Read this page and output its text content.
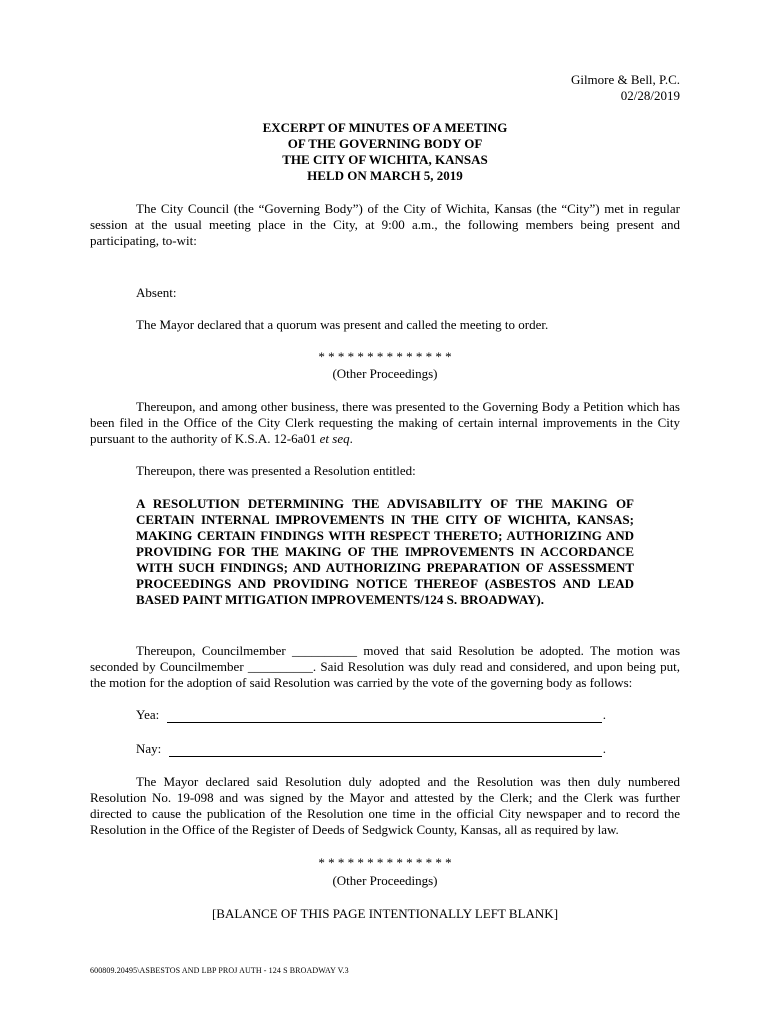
Gilmore & Bell, P.C.
02/28/2019
EXCERPT OF MINUTES OF A MEETING
OF THE GOVERNING BODY OF
THE CITY OF WICHITA, KANSAS
HELD ON MARCH 5, 2019
The City Council (the “Governing Body”) of the City of Wichita, Kansas (the “City”) met in regular session at the usual meeting place in the City, at 9:00 a.m., the following members being present and participating, to-wit:
Absent:
The Mayor declared that a quorum was present and called the meeting to order.
* * * * * * * * * * * * * *
(Other Proceedings)
Thereupon, and among other business, there was presented to the Governing Body a Petition which has been filed in the Office of the City Clerk requesting the making of certain internal improvements in the City pursuant to the authority of K.S.A. 12-6a01 et seq.
Thereupon, there was presented a Resolution entitled:
A RESOLUTION DETERMINING THE ADVISABILITY OF THE MAKING OF CERTAIN INTERNAL IMPROVEMENTS IN THE CITY OF WICHITA, KANSAS; MAKING CERTAIN FINDINGS WITH RESPECT THERETO; AUTHORIZING AND PROVIDING FOR THE MAKING OF THE IMPROVEMENTS IN ACCORDANCE WITH SUCH FINDINGS; AND AUTHORIZING PREPARATION OF ASSESSMENT PROCEEDINGS AND PROVIDING NOTICE THEREOF (ASBESTOS AND LEAD BASED PAINT MITIGATION IMPROVEMENTS/124 S. BROADWAY).
Thereupon, Councilmember __________ moved that said Resolution be adopted. The motion was seconded by Councilmember __________. Said Resolution was duly read and considered, and upon being put, the motion for the adoption of said Resolution was carried by the vote of the governing body as follows:
Yea:	.
Nay:	.
The Mayor declared said Resolution duly adopted and the Resolution was then duly numbered Resolution No. 19-098 and was signed by the Mayor and attested by the Clerk; and the Clerk was further directed to cause the publication of the Resolution one time in the official City newspaper and to record the Resolution in the Office of the Register of Deeds of Sedgwick County, Kansas, all as required by law.
* * * * * * * * * * * * * *
(Other Proceedings)
[BALANCE OF THIS PAGE INTENTIONALLY LEFT BLANK]
600809.20495\ASBESTOS AND LBP PROJ AUTH - 124 S BROADWAY V.3
